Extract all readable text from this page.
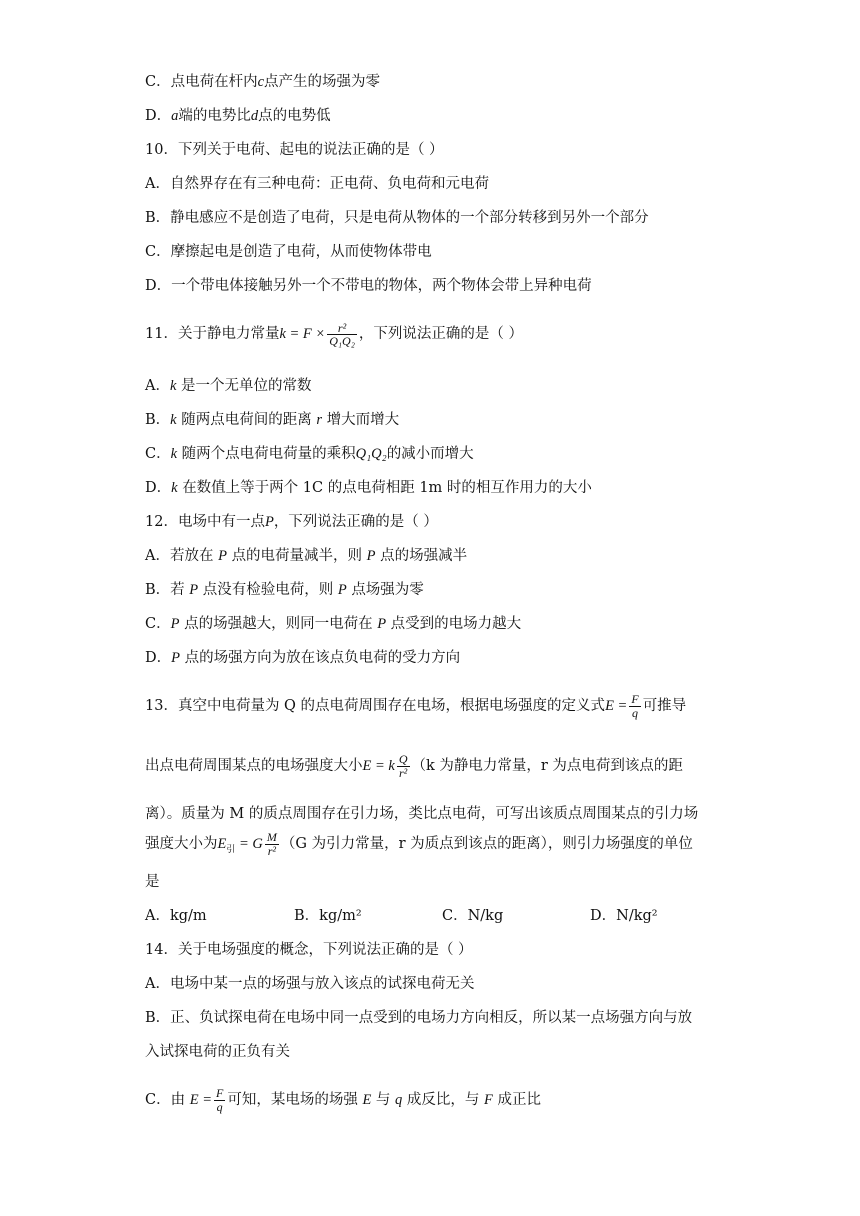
C．点电荷在杆内c点产生的场强为零
D．a端的电势比d点的电势低
10．下列关于电荷、起电的说法正确的是（ ）
A．自然界存在有三种电荷：正电荷、负电荷和元电荷
B．静电感应不是创造了电荷，只是电荷从物体的一个部分转移到另外一个部分
C．摩擦起电是创造了电荷，从而使物体带电
D．一个带电体接触另外一个不带电的物体，两个物体会带上异种电荷
11．关于静电力常量$k = F \times \frac{\text{r²}}{\text{Q₁Q₂}}$ ，下列说法正确的是（ ）
A．k 是一个无单位的常数
B．k 随两点电荷间的距离 r 增大而增大
C．k 随两个点电荷电荷量的乘积Q₁Q₂的减小而增大
D．k 在数值上等于两个 1C 的点电荷相距 1m 时的相互作用力的大小
12．电场中有一点P，下列说法正确的是（ ）
A．若放在 P 点的电荷量减半，则 P 点的场强减半
B．若 P 点没有检验电荷，则 P 点场强为零
C．P 点的场强越大，则同一电荷在 P 点受到的电场力越大
D．P 点的场强方向为放在该点负电荷的受力方向
13．真空中电荷量为 Q 的点电荷周围存在电场，根据电场强度的定义式$E = \frac{F}{q}$ 可推导
出点电荷周围某点的电场强度大小E = k $\frac{Q}{\text{r²}} (k$ 为静电力常量，r 为点电荷到该点的距
离）。质量为 M 的质点周围存在引力场，类比点电荷，可写出该质点周围某点的引力场
强度大小为$E_引 = G \frac{M}{\text{r²}} (G$ 为引力常量，r 为质点到该点的距离），则引力场强度的单位
是
A．kg/m	B．kg/m²	C．N/kg	D．N/kg²
14．关于电场强度的概念，下列说法正确的是（ ）
A．电场中某一点的场强与放入该点的试探电荷无关
B．正、负试探电荷在电场中同一点受到的电场力方向相反，所以某一点场强方向与放
入试探电荷的正负有关
C．由 $E = \frac{F}{q}$ 可知，某电场的场强 E 与 q 成反比，与 F 成正比
